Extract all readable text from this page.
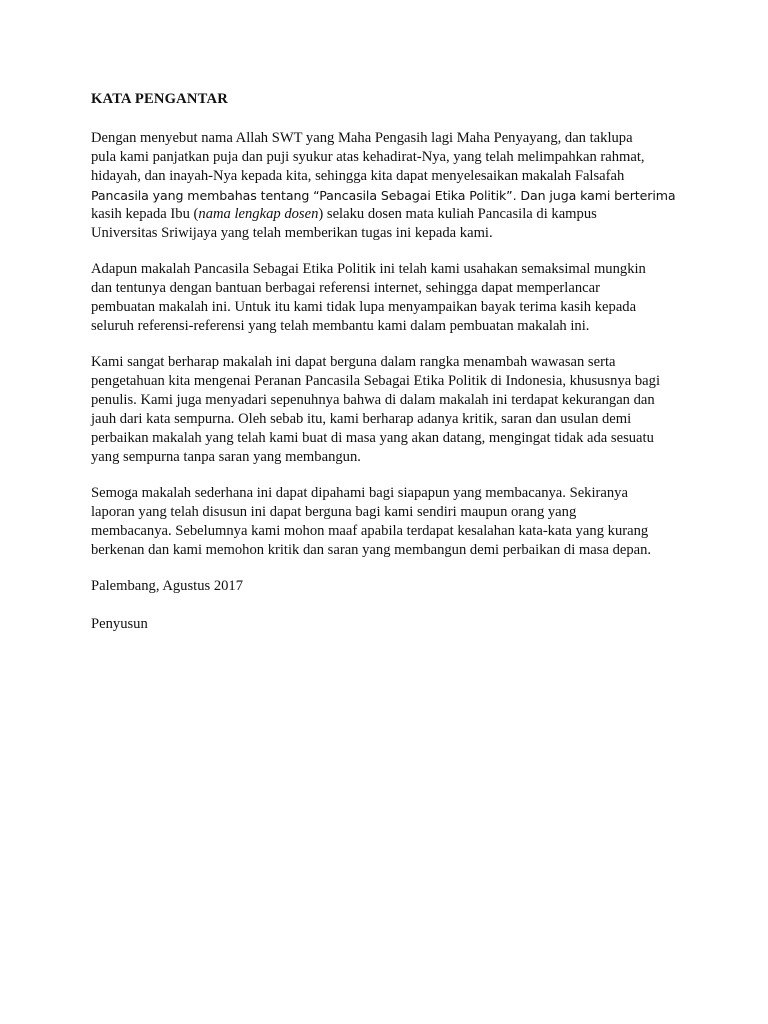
KATA PENGANTAR
Dengan menyebut nama Allah SWT yang Maha Pengasih lagi Maha Penyayang, dan taklupa
pula kami panjatkan puja dan puji syukur atas kehadirat-Nya, yang telah melimpahkan rahmat,
hidayah, dan inayah-Nya kepada kita, sehingga kita dapat menyelesaikan makalah Falsafah
Pancasila yang membahas tentang “Pancasila Sebagai Etika Politik”. Dan juga kami berterima
kasih kepada Ibu (nama lengkap dosen) selaku dosen mata kuliah Pancasila di kampus
Universitas Sriwijaya yang telah memberikan tugas ini kepada kami.
Adapun makalah Pancasila Sebagai Etika Politik ini telah kami usahakan semaksimal mungkin
dan tentunya dengan bantuan berbagai referensi internet, sehingga dapat memperlancar
pembuatan makalah ini. Untuk itu kami tidak lupa menyampaikan bayak terima kasih kepada
seluruh referensi-referensi yang telah membantu kami dalam pembuatan makalah ini.
Kami sangat berharap makalah ini dapat berguna dalam rangka menambah wawasan serta
pengetahuan kita mengenai Peranan Pancasila Sebagai Etika Politik di Indonesia, khususnya bagi
penulis. Kami juga menyadari sepenuhnya bahwa di dalam makalah ini terdapat kekurangan dan
jauh dari kata sempurna. Oleh sebab itu, kami berharap adanya kritik, saran dan usulan demi
perbaikan makalah yang telah kami buat di masa yang akan datang, mengingat tidak ada sesuatu
yang sempurna tanpa saran yang membangun.
Semoga makalah sederhana ini dapat dipahami bagi siapapun yang membacanya. Sekiranya
laporan yang telah disusun ini dapat berguna bagi kami sendiri maupun orang yang
membacanya. Sebelumnya kami mohon maaf apabila terdapat kesalahan kata-kata yang kurang
berkenan dan kami memohon kritik dan saran yang membangun demi perbaikan di masa depan.
Palembang, Agustus 2017
Penyusun
